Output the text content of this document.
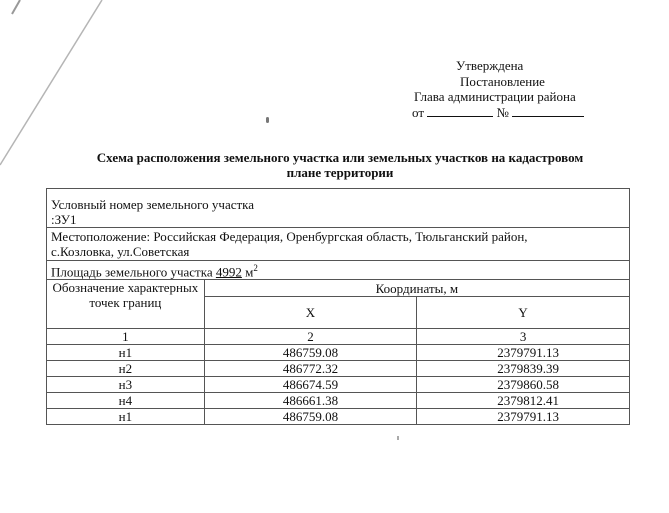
Утверждена
Постановление
Глава администрации района
от	№
Схема расположения земельного участка или земельных участков на кадастровом
плане территории
Условный номер земельного участка
:ЗУ1		

Местоположение: Российская Федерация, Оренбургская область, Тюльганский район,
с.Козловка, ул.Советская		

Площадь земельного участка 4992 $м^2$
Обозначение характерных точек границ	Координаты, м	
	X	Y
1	2	3
н1	486759.08	2379791.13
н2	486772.32	2379839.39
н3	486674.59	2379860.58
н4	486661.38	2379812.41
н1	486759.08	2379791.13
